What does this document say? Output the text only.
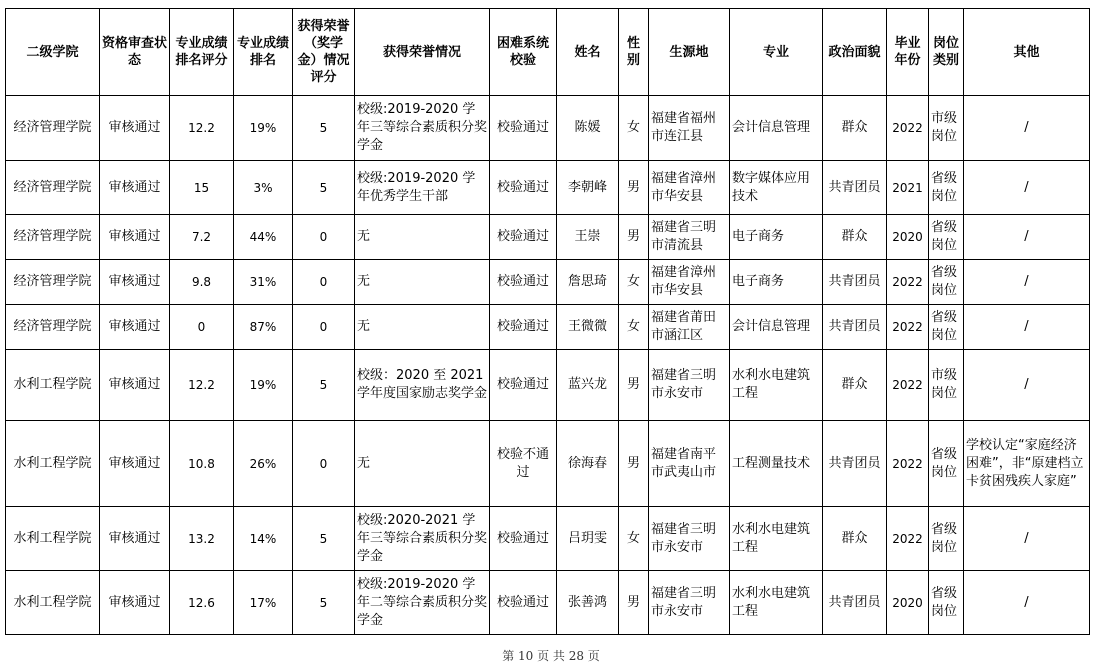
二级学院	资格审查状态	专业成绩排名评分	专业成绩排名	获得荣誉（奖学金）情况评分	获得荣誉情况	困难系统校验	姓名	性别	生源地	专业	政治面貌	毕业年份	岗位类别	其他
经济管理学院	审核通过	12.2	19%	5	校级:2019-2020 学年三等综合素质积分奖学金	校验通过	陈媛	女	福建省福州市连江县	会计信息管理	群众	2022	市级岗位	/
经济管理学院	审核通过	15	3%	5	校级:2019-2020 学年优秀学生干部	校验通过	李朝峰	男	福建省漳州市华安县	数字媒体应用技术	共青团员	2021	省级岗位	/
经济管理学院	审核通过	7.2	44%	0	无	校验通过	王崇	男	福建省三明市清流县	电子商务	群众	2020	省级岗位	/
经济管理学院	审核通过	9.8	31%	0	无	校验通过	詹思琦	女	福建省漳州市华安县	电子商务	共青团员	2022	省级岗位	/
经济管理学院	审核通过	0	87%	0	无	校验通过	王微微	女	福建省莆田市涵江区	会计信息管理	共青团员	2022	省级岗位	/
水利工程学院	审核通过	12.2	19%	5	校级：2020 至 2021 学年度国家励志奖学金	校验通过	蓝兴龙	男	福建省三明市永安市	水利水电建筑工程	群众	2022	市级岗位	/
水利工程学院	审核通过	10.8	26%	0	无	校验不通过	徐海春	男	福建省南平市武夷山市	工程测量技术	共青团员	2022	省级岗位	学校认定“家庭经济困难”，非“原建档立卡贫困残疾人家庭”
水利工程学院	审核通过	13.2	14%	5	校级:2020-2021 学年三等综合素质积分奖学金	校验通过	吕玥雯	女	福建省三明市永安市	水利水电建筑工程	群众	2022	省级岗位	/
水利工程学院	审核通过	12.6	17%	5	校级:2019-2020 学年二等综合素质积分奖学金	校验通过	张善鸿	男	福建省三明市永安市	水利水电建筑工程	共青团员	2020	省级岗位	/
第 10 页 共 28 页
